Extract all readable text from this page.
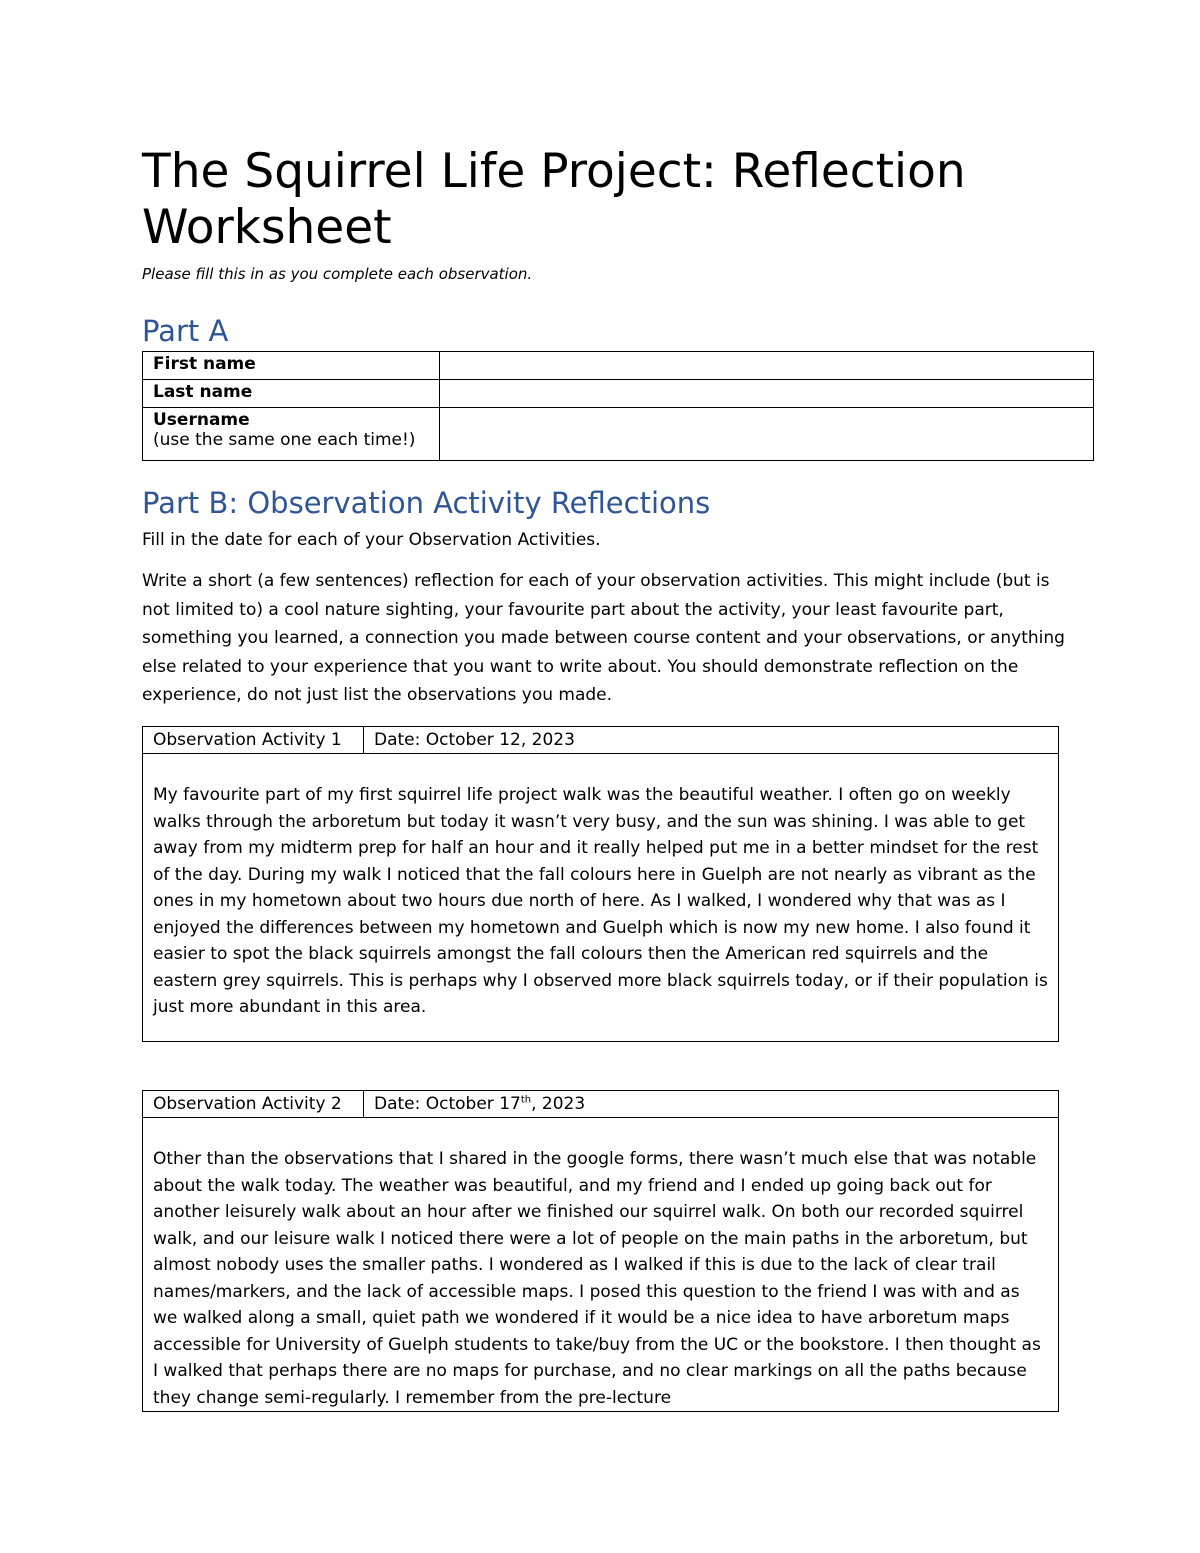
The Squirrel Life Project: Reflection Worksheet

Please fill this in as you complete each observation.

Part A
First name	
Last name	
Username
(use the same one each time!)	

Part B: Observation Activity Reflections

Fill in the date for each of your Observation Activities.

Write a short (a few sentences) reflection for each of your observation activities. This might include (but is not limited to) a cool nature sighting, your favourite part about the activity, your least favourite part, something you learned, a connection you made between course content and your observations, or anything else related to your experience that you want to write about. You should demonstrate reflection on the experience, do not just list the observations you made.

Observation Activity 1	Date: October 12, 2023
My favourite part of my first squirrel life project walk was the beautiful weather. I often go on weekly walks through the arboretum but today it wasn’t very busy, and the sun was shining. I was able to get away from my midterm prep for half an hour and it really helped put me in a better mindset for the rest of the day. During my walk I noticed that the fall colours here in Guelph are not nearly as vibrant as the ones in my hometown about two hours due north of here. As I walked, I wondered why that was as I enjoyed the differences between my hometown and Guelph which is now my new home. I also found it easier to spot the black squirrels amongst the fall colours then the American red squirrels and the eastern grey squirrels. This is perhaps why I observed more black squirrels today, or if their population is just more abundant in this area.
Observation Activity 2	Date: October 17th, 2023
Other than the observations that I shared in the google forms, there wasn’t much else that was notable about the walk today. The weather was beautiful, and my friend and I ended up going back out for another leisurely walk about an hour after we finished our squirrel walk. On both our recorded squirrel walk, and our leisure walk I noticed there were a lot of people on the main paths in the arboretum, but almost nobody uses the smaller paths. I wondered as I walked if this is due to the lack of clear trail names/markers, and the lack of accessible maps. I posed this question to the friend I was with and as we walked along a small, quiet path we wondered if it would be a nice idea to have arboretum maps accessible for University of Guelph students to take/buy from the UC or the bookstore. I then thought as I walked that perhaps there are no maps for purchase, and no clear markings on all the paths because they change semi-regularly. I remember from the pre-lecture
